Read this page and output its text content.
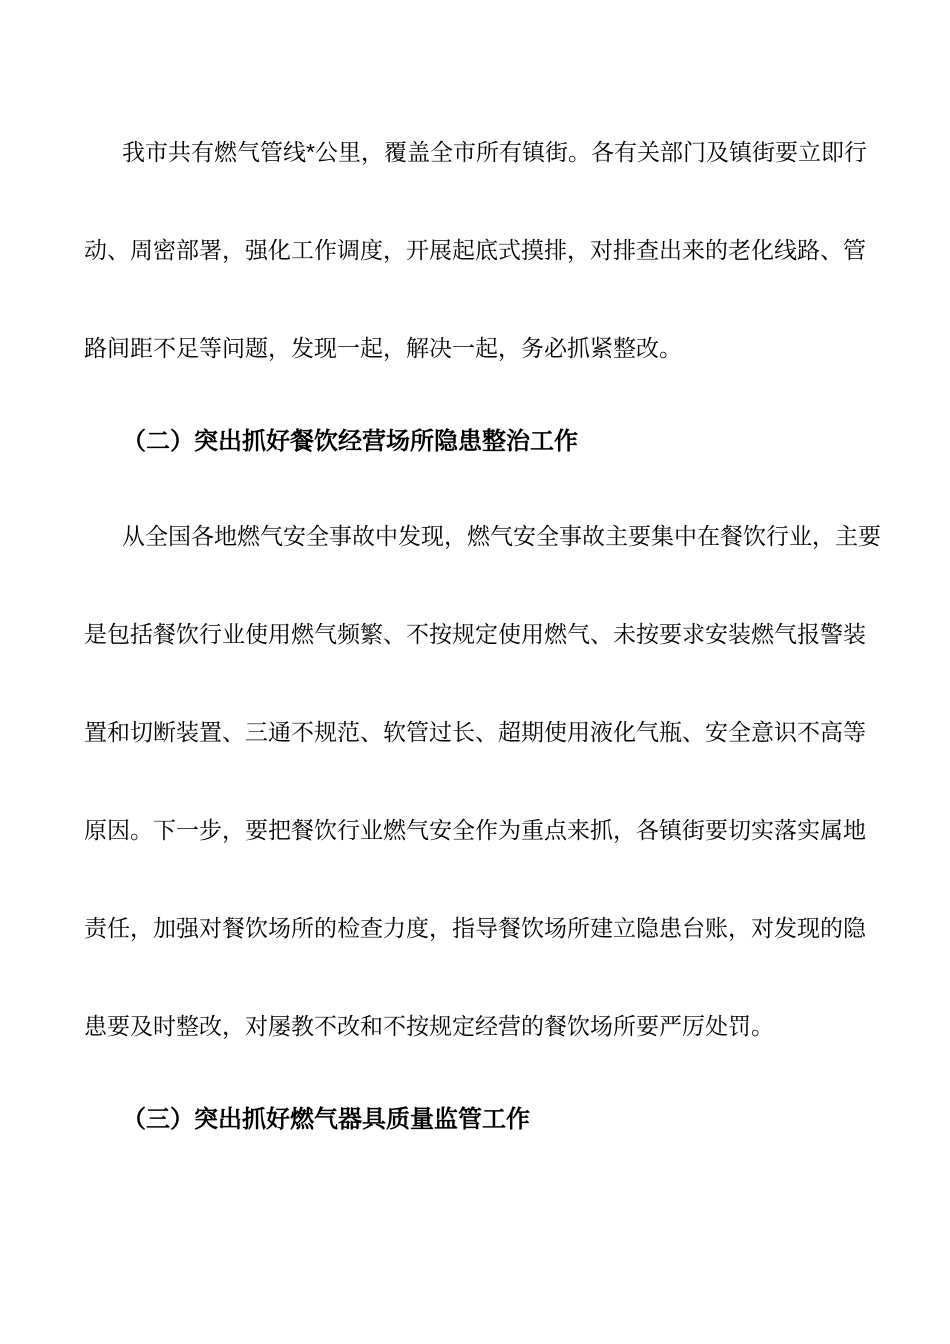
我市共有燃气管线*公里，覆盖全市所有镇街。各有关部门及镇街要立即行

动、周密部署，强化工作调度，开展起底式摸排，对排查出来的老化线路、管

路间距不足等问题，发现一起，解决一起，务必抓紧整改。

（二）突出抓好餐饮经营场所隐患整治工作

从全国各地燃气安全事故中发现，燃气安全事故主要集中在餐饮行业，主要

是包括餐饮行业使用燃气频繁、不按规定使用燃气、未按要求安装燃气报警装

置和切断装置、三通不规范、软管过长、超期使用液化气瓶、安全意识不高等

原因。下一步，要把餐饮行业燃气安全作为重点来抓，各镇街要切实落实属地

责任，加强对餐饮场所的检查力度，指导餐饮场所建立隐患台账，对发现的隐

患要及时整改，对屡教不改和不按规定经营的餐饮场所要严厉处罚。

（三）突出抓好燃气器具质量监管工作
